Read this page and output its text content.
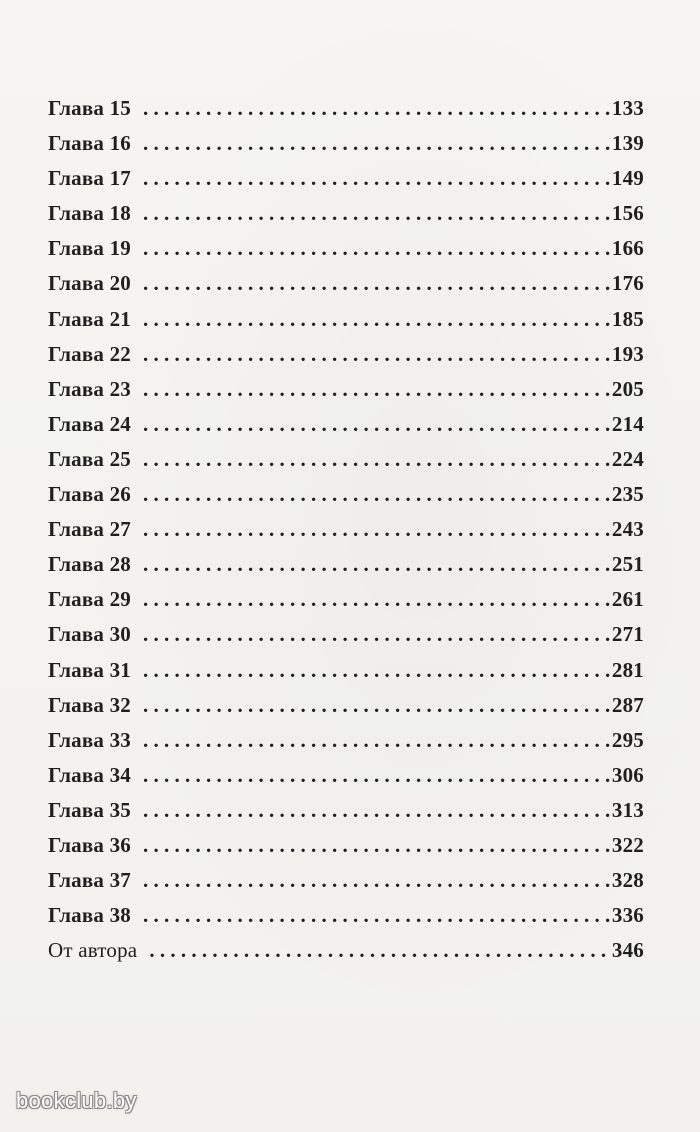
Глава 15 . . .	133
Глава 16 . . .	139
Глава 17 . . .	149
Глава 18 . . .	156
Глава 19 . . .	166
Глава 20 . . .	176
Глава 21 . . .	185
Глава 22 . . .	193
Глава 23 . . .	205
Глава 24 . . .	214
Глава 25 . . .	224
Глава 26 . . .	235
Глава 27 . . .	243
Глава 28 . . .	251
Глава 29 . . .	261
Глава 30 . . .	271
Глава 31 . . .	281
Глава 32 . . .	287
Глава 33 . . .	295
Глава 34 . . .	306
Глава 35 . . .	313
Глава 36 . . .	322
Глава 37 . . .	328
Глава 38 . . .	336
От автора . . .	346
bookclub.by
